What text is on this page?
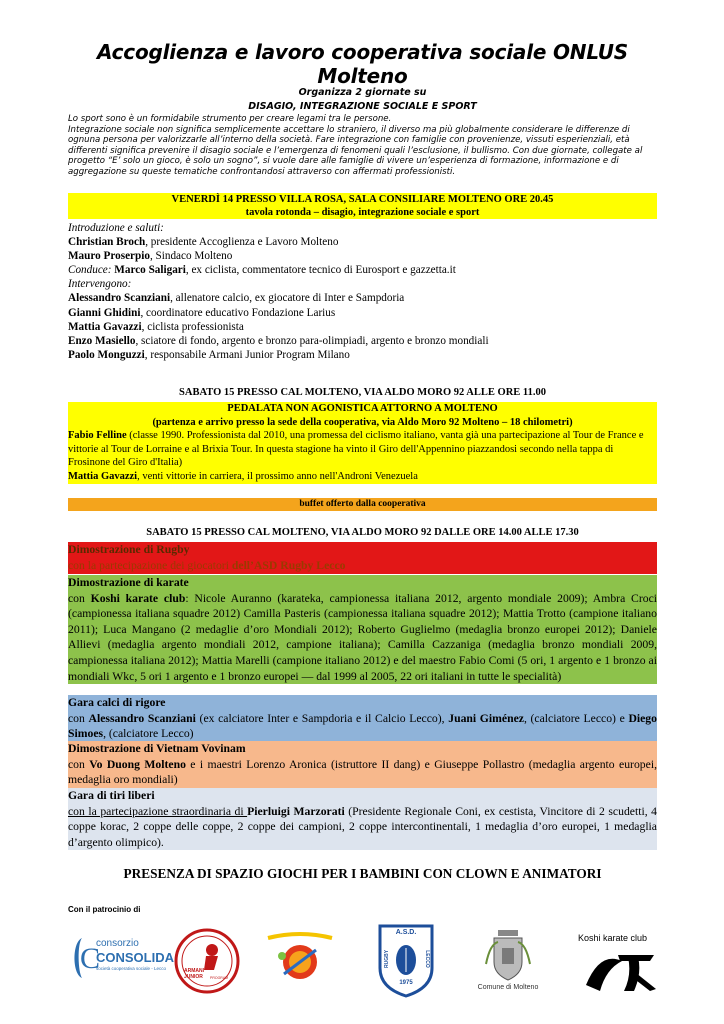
Accoglienza e lavoro cooperativa sociale ONLUS Molteno
Organizza 2 giornate su
DISAGIO, INTEGRAZIONE SOCIALE E SPORT

Lo sport sono è un formidabile strumento per creare legami tra le persone.

Integrazione sociale non significa semplicemente accettare lo straniero, il diverso ma più globalmente considerare le differenze di ognuna persona per valorizzarle all’interno della società. Fare integrazione con famiglie con provenienze, vissuti esperienziali, età differenti significa prevenire il disagio sociale e l’emergenza di fenomeni quali l’esclusione, il bullismo. Con due giornate, collegate al progetto “E’ solo un gioco, è solo un sogno”, si vuole dare alle famiglie di vivere un’esperienza di formazione, informazione e di aggregazione su queste tematiche confrontandosi attraverso con affermati professionisti.

VENERDÌ 14 PRESSO VILLA ROSA, SALA CONSILIARE MOLTENO ORE 20.45
tavola rotonda – disagio, integrazione sociale e sport
Introduzione e saluti:
Christian Broch, presidente Accoglienza e Lavoro Molteno
Mauro Proserpio, Sindaco Molteno
Conduce: Marco Saligari, ex ciclista, commentatore tecnico di Eurosport e gazzetta.it
Intervengono:
Alessandro Scanziani, allenatore calcio, ex giocatore di Inter e Sampdoria
Gianni Ghidini, coordinatore educativo Fondazione Larius
Mattia Gavazzi, ciclista professionista
Enzo Masiello, sciatore di fondo, argento e bronzo para-olimpiadi, argento e bronzo mondiali
Paolo Monguzzi, responsabile Armani Junior Program Milano
SABATO 15 PRESSO CAL MOLTENO, VIA ALDO MORO 92 ALLE ORE 11.00
PEDALATA NON AGONISTICA ATTORNO A MOLTENO
(partenza e arrivo presso la sede della cooperativa, via Aldo Moro 92 Molteno – 18 chilometri)
Fabio Felline (classe 1990. Professionista dal 2010, una promessa del ciclismo italiano, vanta già una partecipazione al Tour de France e vittorie al Tour de Lorraine e al Brixia Tour. In questa stagione ha vinto il Giro dell'Appennino piazzandosi secondo nella tappa di Frosinone del Giro d'Italia)
Mattia Gavazzi, venti vittorie in carriera, il prossimo anno nell'Androni Venezuela
buffet offerto dalla cooperativa
SABATO 15 PRESSO CAL MOLTENO, VIA ALDO MORO 92 DALLE ORE 14.00 ALLE 17.30
Dimostrazione di Rugby
con la partecipazione dei giocatori dell’ASD Rugby Lecco
Dimostrazione di karate
con Koshi karate club: Nicole Auranno (karateka, campionessa italiana 2012, argento mondiale 2009); Ambra Croci (campionessa italiana squadre 2012) Camilla Pasteris (campionessa italiana squadre 2012); Mattia Trotto (campione italiano 2011); Luca Mangano (2 medaglie d’oro Mondiali 2012); Roberto Guglielmo (medaglia bronzo europei 2012); Daniele Allievi (medaglia argento mondiali 2012, campione italiana); Camilla Cazzaniga (medaglia bronzo mondiali 2009, campionessa italiana 2012); Mattia Marelli (campione italiano 2012) e del maestro Fabio Comi (5 ori, 1 argento e 1 bronzo ai mondiali Wkc, 5 ori 1 argento e 1 bronzo europei — dal 1999 al 2005, 22 ori italiani in tutte le specialità)
Gara calci di rigore
con Alessandro Scanziani (ex calciatore Inter e Sampdoria e il Calcio Lecco), Juani Giménez, (calciatore Lecco) e Diego Simoes, (calciatore Lecco)
Dimostrazione di Vietnam Vovinam
con Vo Duong Molteno e i maestri Lorenzo Aronica (istruttore II dang) e Giuseppe Pollastro (medaglia argento europei, medaglia oro mondiali)
Gara di tiri liberi
con la partecipazione straordinaria di Pierluigi Marzorati (Presidente Regionale Coni, ex cestista, Vincitore di 2 scudetti, 4 coppe korac, 2 coppe delle coppe, 2 coppe dei campioni, 2 coppe intercontinentali, 1 medaglia d’oro europei, 1 medaglia d’argento olimpico).
PRESENZA DI SPAZIO GIOCHI PER I BAMBINI CON CLOWN E ANIMATORI
Con il patrocinio di
C
consorzio
CONSOLIDA
società cooperativa sociale - Lecco	ARMANI
JUNIOR PROGRAM
A.S.D.
RUGBY	LECCO
1975
Comune di Molteno
Koshi karate club
